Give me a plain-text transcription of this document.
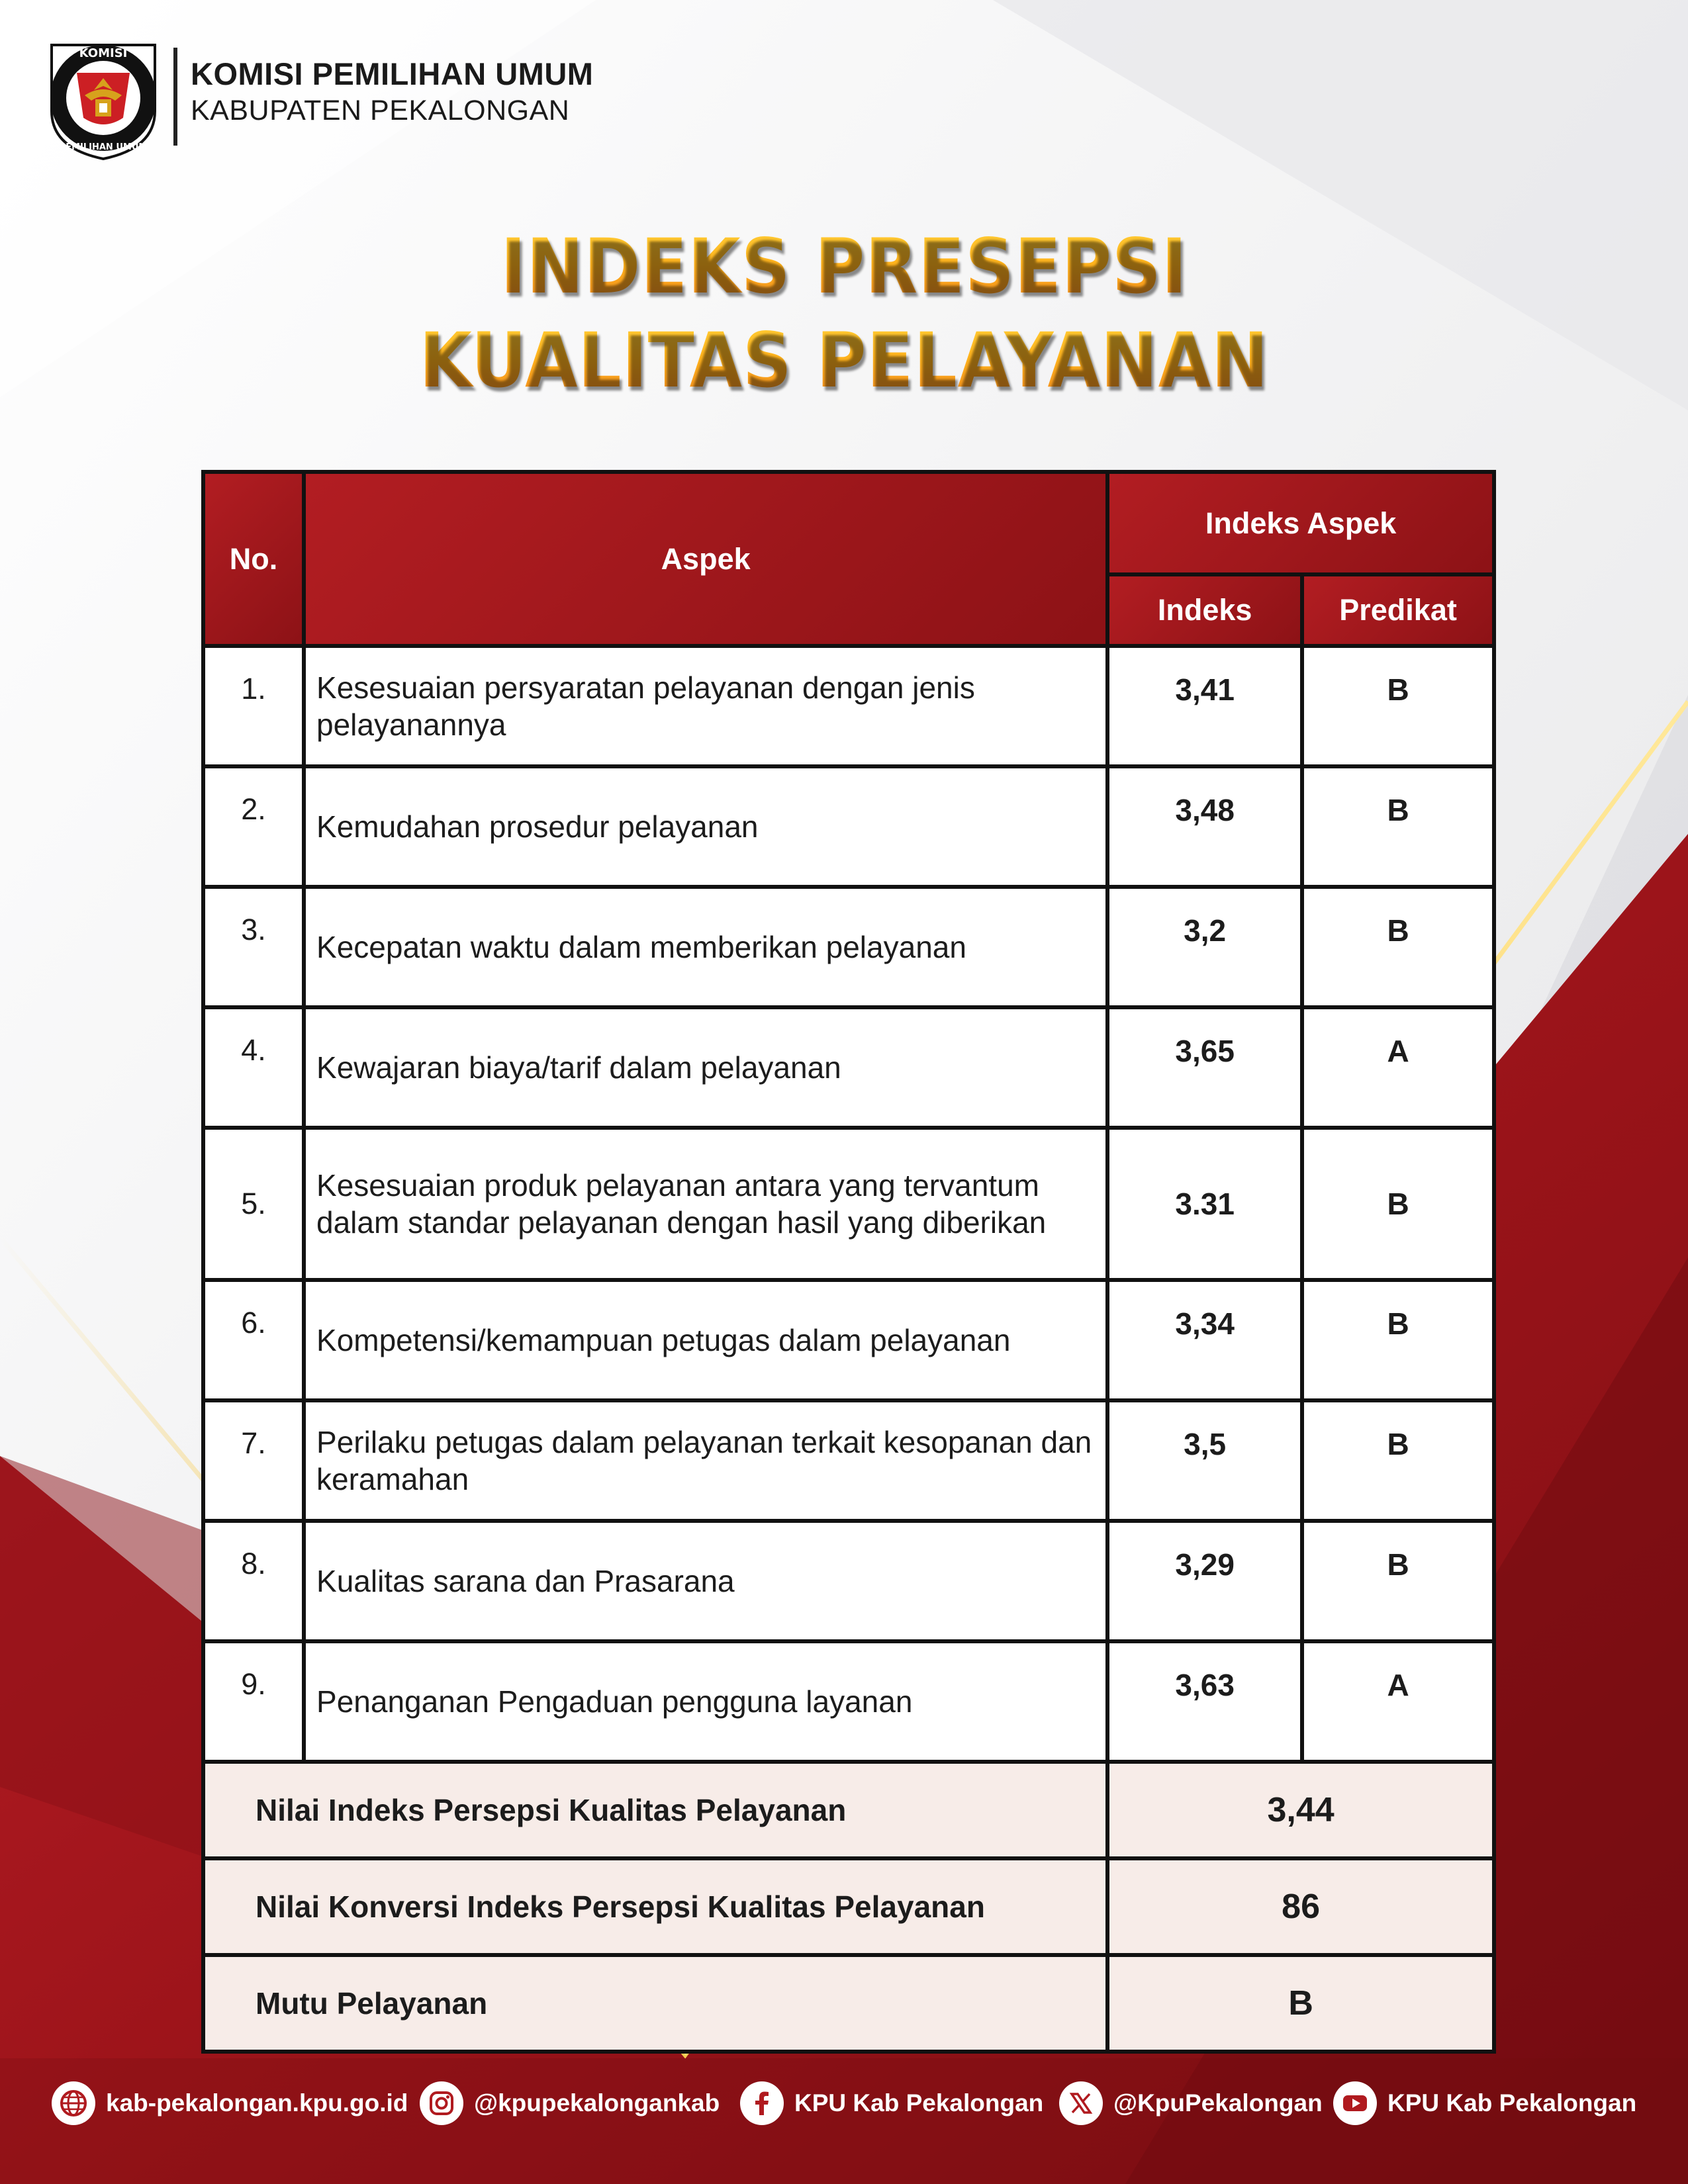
KOMISI
PEMILIHAN UMUM
KOMISI PEMILIHAN UMUM
KABUPATEN PEKALONGAN
INDEKS PRESEPSI
KUALITAS PELAYANAN
No.	Aspek	Indeks Aspek	
		Indeks	Predikat
1.	Kesesuaian persyaratan pelayanan dengan jenis pelayanannya	3,41	B
2.	Kemudahan prosedur pelayanan	3,48	B
3.	Kecepatan waktu dalam memberikan pelayanan	3,2	B
4.	Kewajaran biaya/tarif dalam pelayanan	3,65	A
5.	Kesesuaian produk pelayanan antara yang tervantum dalam standar pelayanan dengan hasil yang diberikan	3.31	B
6.	Kompetensi/kemampuan petugas dalam pelayanan	3,34	B
7.	Perilaku petugas dalam pelayanan terkait kesopanan dan keramahan	3,5	B
8.	Kualitas sarana dan Prasarana	3,29	B
9.	Penanganan Pengaduan pengguna layanan	3,63	A
Nilai Indeks Persepsi Kualitas Pelayanan		3,44	
Nilai Konversi Indeks Persepsi Kualitas Pelayanan		86	
Mutu Pelayanan		B	
kab-pekalongan.kpu.go.id	@kpupekalongankab	KPU Kab Pekalongan	@KpuPekalongan	KPU Kab Pekalongan
